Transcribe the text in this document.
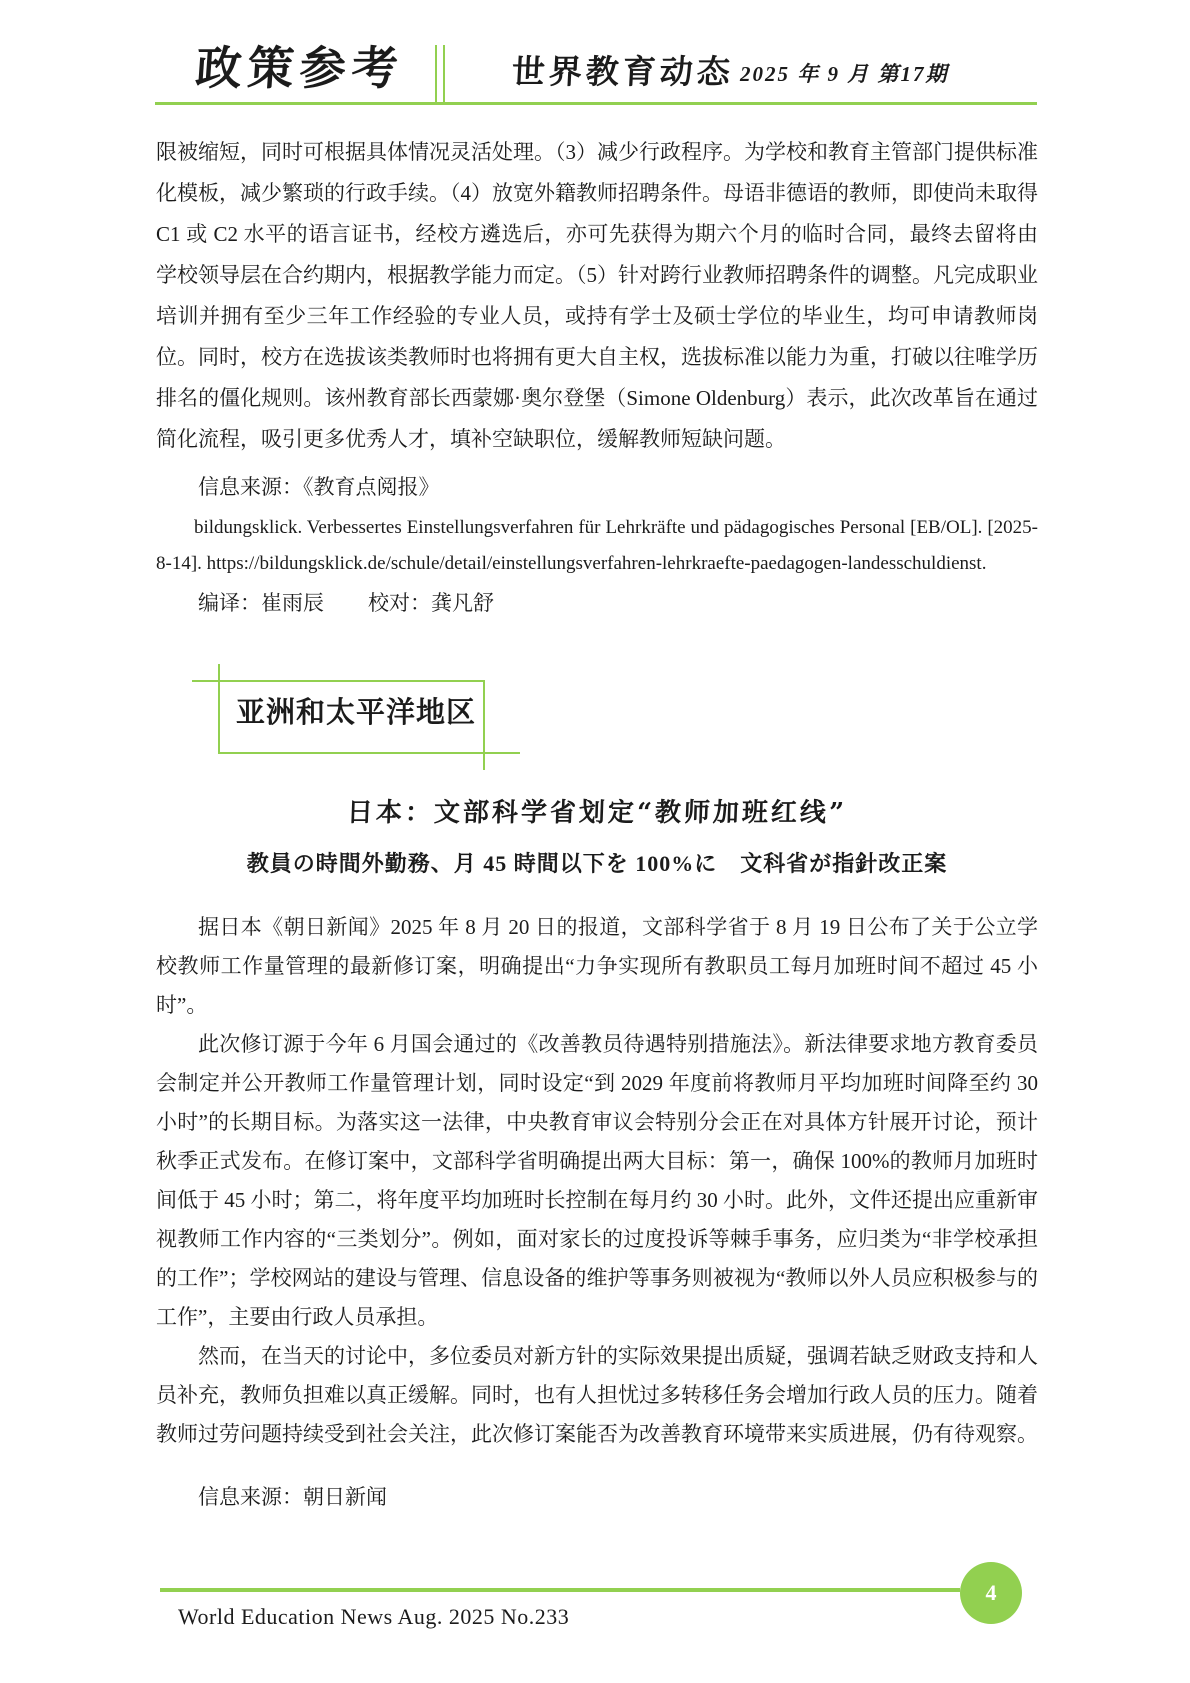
政策参考	世界教育动态 2025 年 9 月 第17期

限被缩短，同时可根据具体情况灵活处理。（3）减少行政程序。为学校和教育主管部门提供标准化模板，减少繁琐的行政手续。（4）放宽外籍教师招聘条件。母语非德语的教师，即使尚未取得 C1 或 C2 水平的语言证书，经校方遴选后，亦可先获得为期六个月的临时合同，最终去留将由学校领导层在合约期内，根据教学能力而定。（5）针对跨行业教师招聘条件的调整。凡完成职业培训并拥有至少三年工作经验的专业人员，或持有学士及硕士学位的毕业生，均可申请教师岗位。同时，校方在选拔该类教师时也将拥有更大自主权，选拔标准以能力为重，打破以往唯学历排名的僵化规则。该州教育部长西蒙娜·奥尔登堡（Simone Oldenburg）表示，此次改革旨在通过简化流程，吸引更多优秀人才，填补空缺职位，缓解教师短缺问题。

信息来源：《教育点阅报》

bildungsklick. Verbessertes Einstellungsverfahren für Lehrkräfte und pädagogisches Personal [EB/OL]. [2025-8-14]. https://bildungsklick.de/schule/detail/einstellungsverfahren-lehrkraefte-paedagogen-landesschuldienst.

编译：崔雨辰 校对：龚凡舒

亚洲和太平洋地区
日本：文部科学省划定“教师加班红线”
教員の時間外勤務、月 45 時間以下を 100%に　文科省が指針改正案

据日本《朝日新闻》2025 年 8 月 20 日的报道，文部科学省于 8 月 19 日公布了关于公立学校教师工作量管理的最新修订案，明确提出“力争实现所有教职员工每月加班时间不超过 45 小时”。

此次修订源于今年 6 月国会通过的《改善教员待遇特别措施法》。新法律要求地方教育委员会制定并公开教师工作量管理计划，同时设定“到 2029 年度前将教师月平均加班时间降至约 30 小时”的长期目标。为落实这一法律，中央教育审议会特别分会正在对具体方针展开讨论，预计秋季正式发布。在修订案中，文部科学省明确提出两大目标：第一，确保 100%的教师月加班时间低于 45 小时；第二，将年度平均加班时长控制在每月约 30 小时。此外，文件还提出应重新审视教师工作内容的“三类划分”。例如，面对家长的过度投诉等棘手事务，应归类为“非学校承担的工作”；学校网站的建设与管理、信息设备的维护等事务则被视为“教师以外人员应积极参与的工作”，主要由行政人员承担。

然而，在当天的讨论中，多位委员对新方针的实际效果提出质疑，强调若缺乏财政支持和人员补充，教师负担难以真正缓解。同时，也有人担忧过多转移任务会增加行政人员的压力。随着教师过劳问题持续受到社会关注，此次修订案能否为改善教育环境带来实质进展，仍有待观察。

信息来源：朝日新闻

4
World Education News Aug. 2025 No.233
